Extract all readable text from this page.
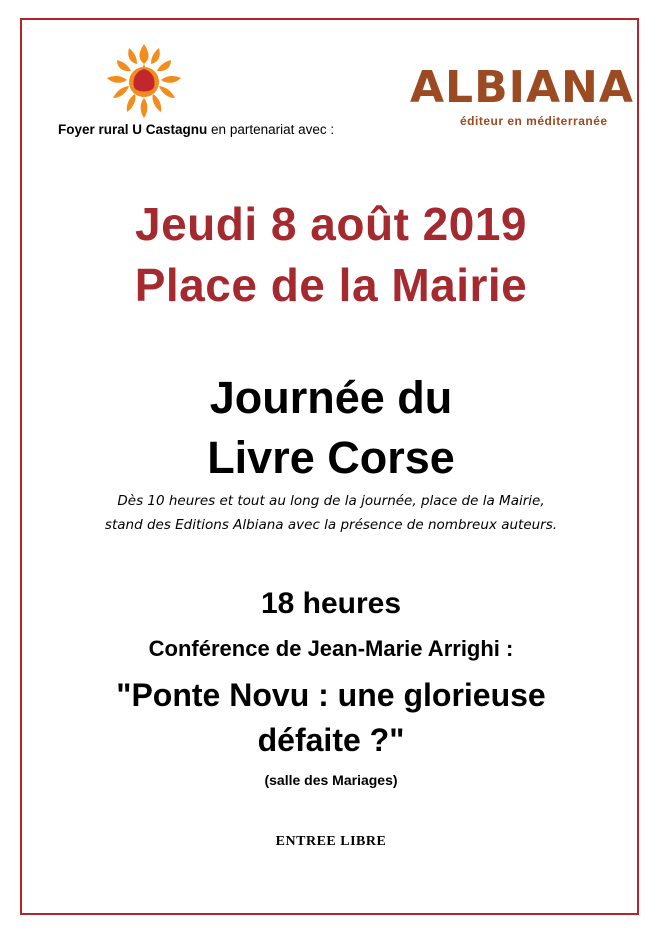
Foyer rural U Castagnu en partenariat avec :
ALBIANA
éditeur en méditerranée
Jeudi 8 août 2019
Place de la Mairie
Journée du
Livre Corse
Dès 10 heures et tout au long de la journée, place de la Mairie,
stand des Editions Albiana avec la présence de nombreux auteurs.
18 heures
Conférence de Jean-Marie Arrighi :
"Ponte Novu : une glorieuse
défaite ?"
(salle des Mariages)
ENTREE LIBRE
